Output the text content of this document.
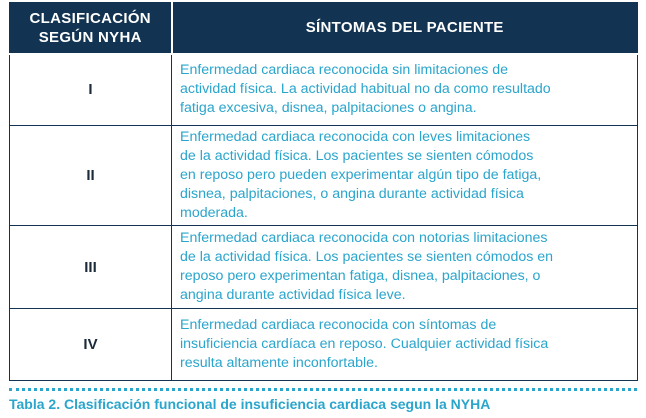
CLASIFICACIÓN
SEGÚN NYHA	SÍNTOMAS DEL PACIENTE
I	Enfermedad cardiaca reconocida sin limitaciones de
actividad física. La actividad habitual no da como resultado
fatiga excesiva, disnea, palpitaciones o angina.

II	Enfermedad cardiaca reconocida con leves limitaciones
de la actividad física. Los pacientes se sienten cómodos
en reposo pero pueden experimentar algún tipo de fatiga,
disnea, palpitaciones, o angina durante actividad física
moderada.

III	Enfermedad cardiaca reconocida con notorias limitaciones
de la actividad física. Los pacientes se sienten cómodos en
reposo pero experimentan fatiga, disnea, palpitaciones, o
angina durante actividad física leve.

IV	Enfermedad cardiaca reconocida con síntomas de
insuficiencia cardíaca en reposo. Cualquier actividad física
resulta altamente inconfortable.
Tabla 2. Clasificación funcional de insuficiencia cardiaca segun la NYHA
